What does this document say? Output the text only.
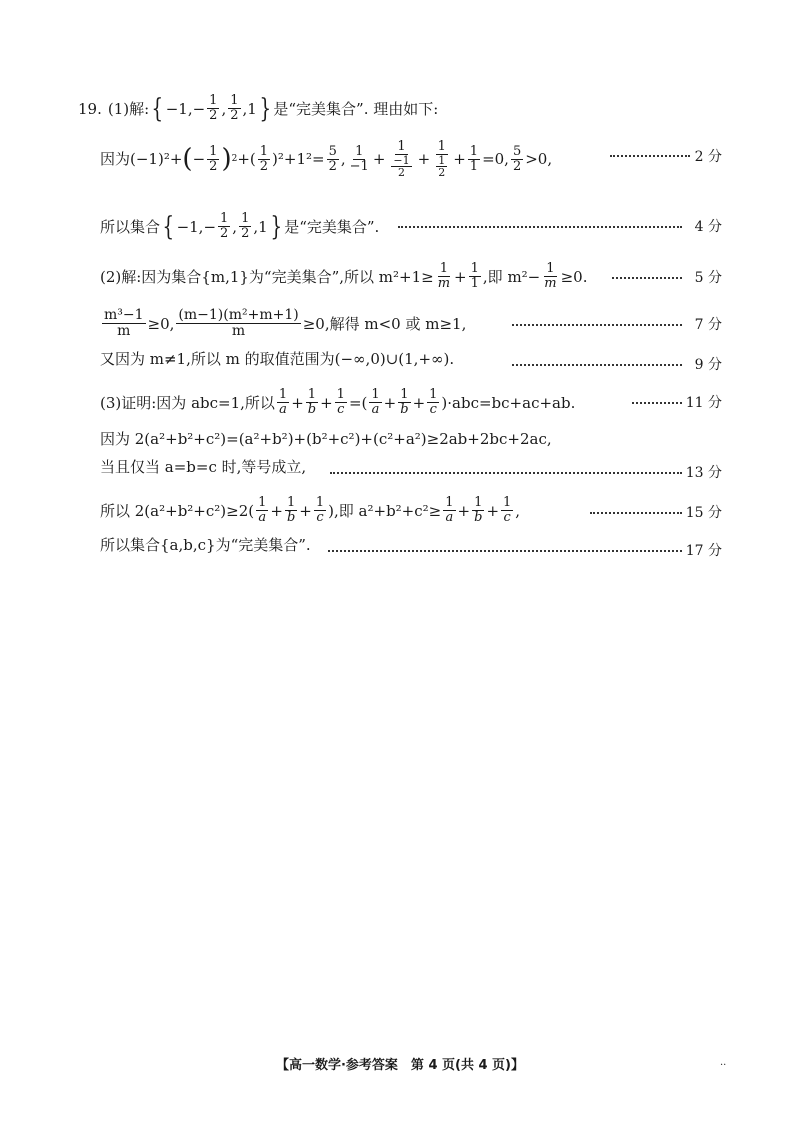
19. (1)解: { $-1,- \frac{1}{2}$ , $\frac{1}{2} ,1$ } 是“完美集合”. 理由如下:
因为 (−1)²+ ( − $\frac{1}{2}$ ) 2 +( $\frac{1}{2} )^2+1^2= \frac{5}{2}$ , $\frac{1}{-1} + \frac{1}{\frac{-1}{2}} + \frac{1}{\frac{1}{2}} + \frac{1}{1} =0$, $\frac{5}{2} >0$,	2 分
所以集合 { $-1,- \frac{1}{2}$ , $\frac{1}{2} ,1$ } 是“完美集合”.	4 分
(2)解:因为集合{m,1}为“完美集合”,所以 $m^2+1\ge \frac{1}{m} + \frac{1}{1}$ ,即 $m^2- \frac{1}{m} \ge 0$.	5 分
$\frac{\text{m³−1}}{m} \ge 0$, $\frac{\text{(m−1)(m²+m+1)}}{m} \ge 0$,解得 m<0 或 m≥1,	7 分
又因为 m≠1,所以 m 的取值范围为(−∞,0)∪(1,+∞).	9 分
(3)证明:因为 abc=1,所以 $\frac{1}{a} + \frac{1}{b} + \frac{1}{c}$ =( $\frac{1}{a} + \frac{1}{b} + \frac{1}{c} )\cdot abc=bc+ac+ab$.	11 分
因为 2(a²+b²+c²)=(a²+b²)+(b²+c²)+(c²+a²)≥2ab+2bc+2ac,
当且仅当 a=b=c 时,等号成立,	13 分
所以 $2(a^2+b^2+c^2)\ge 2( \frac{1}{a} + \frac{1}{b} + \frac{1}{c}$ ),即 $a^2+b^2+c^2\ge \frac{1}{a} + \frac{1}{b} + \frac{1}{c}$ ,	15 分
所以集合{a,b,c}为“完美集合”.	17 分
【高一数学·参考答案　第 4 页(共 4 页)】	··
